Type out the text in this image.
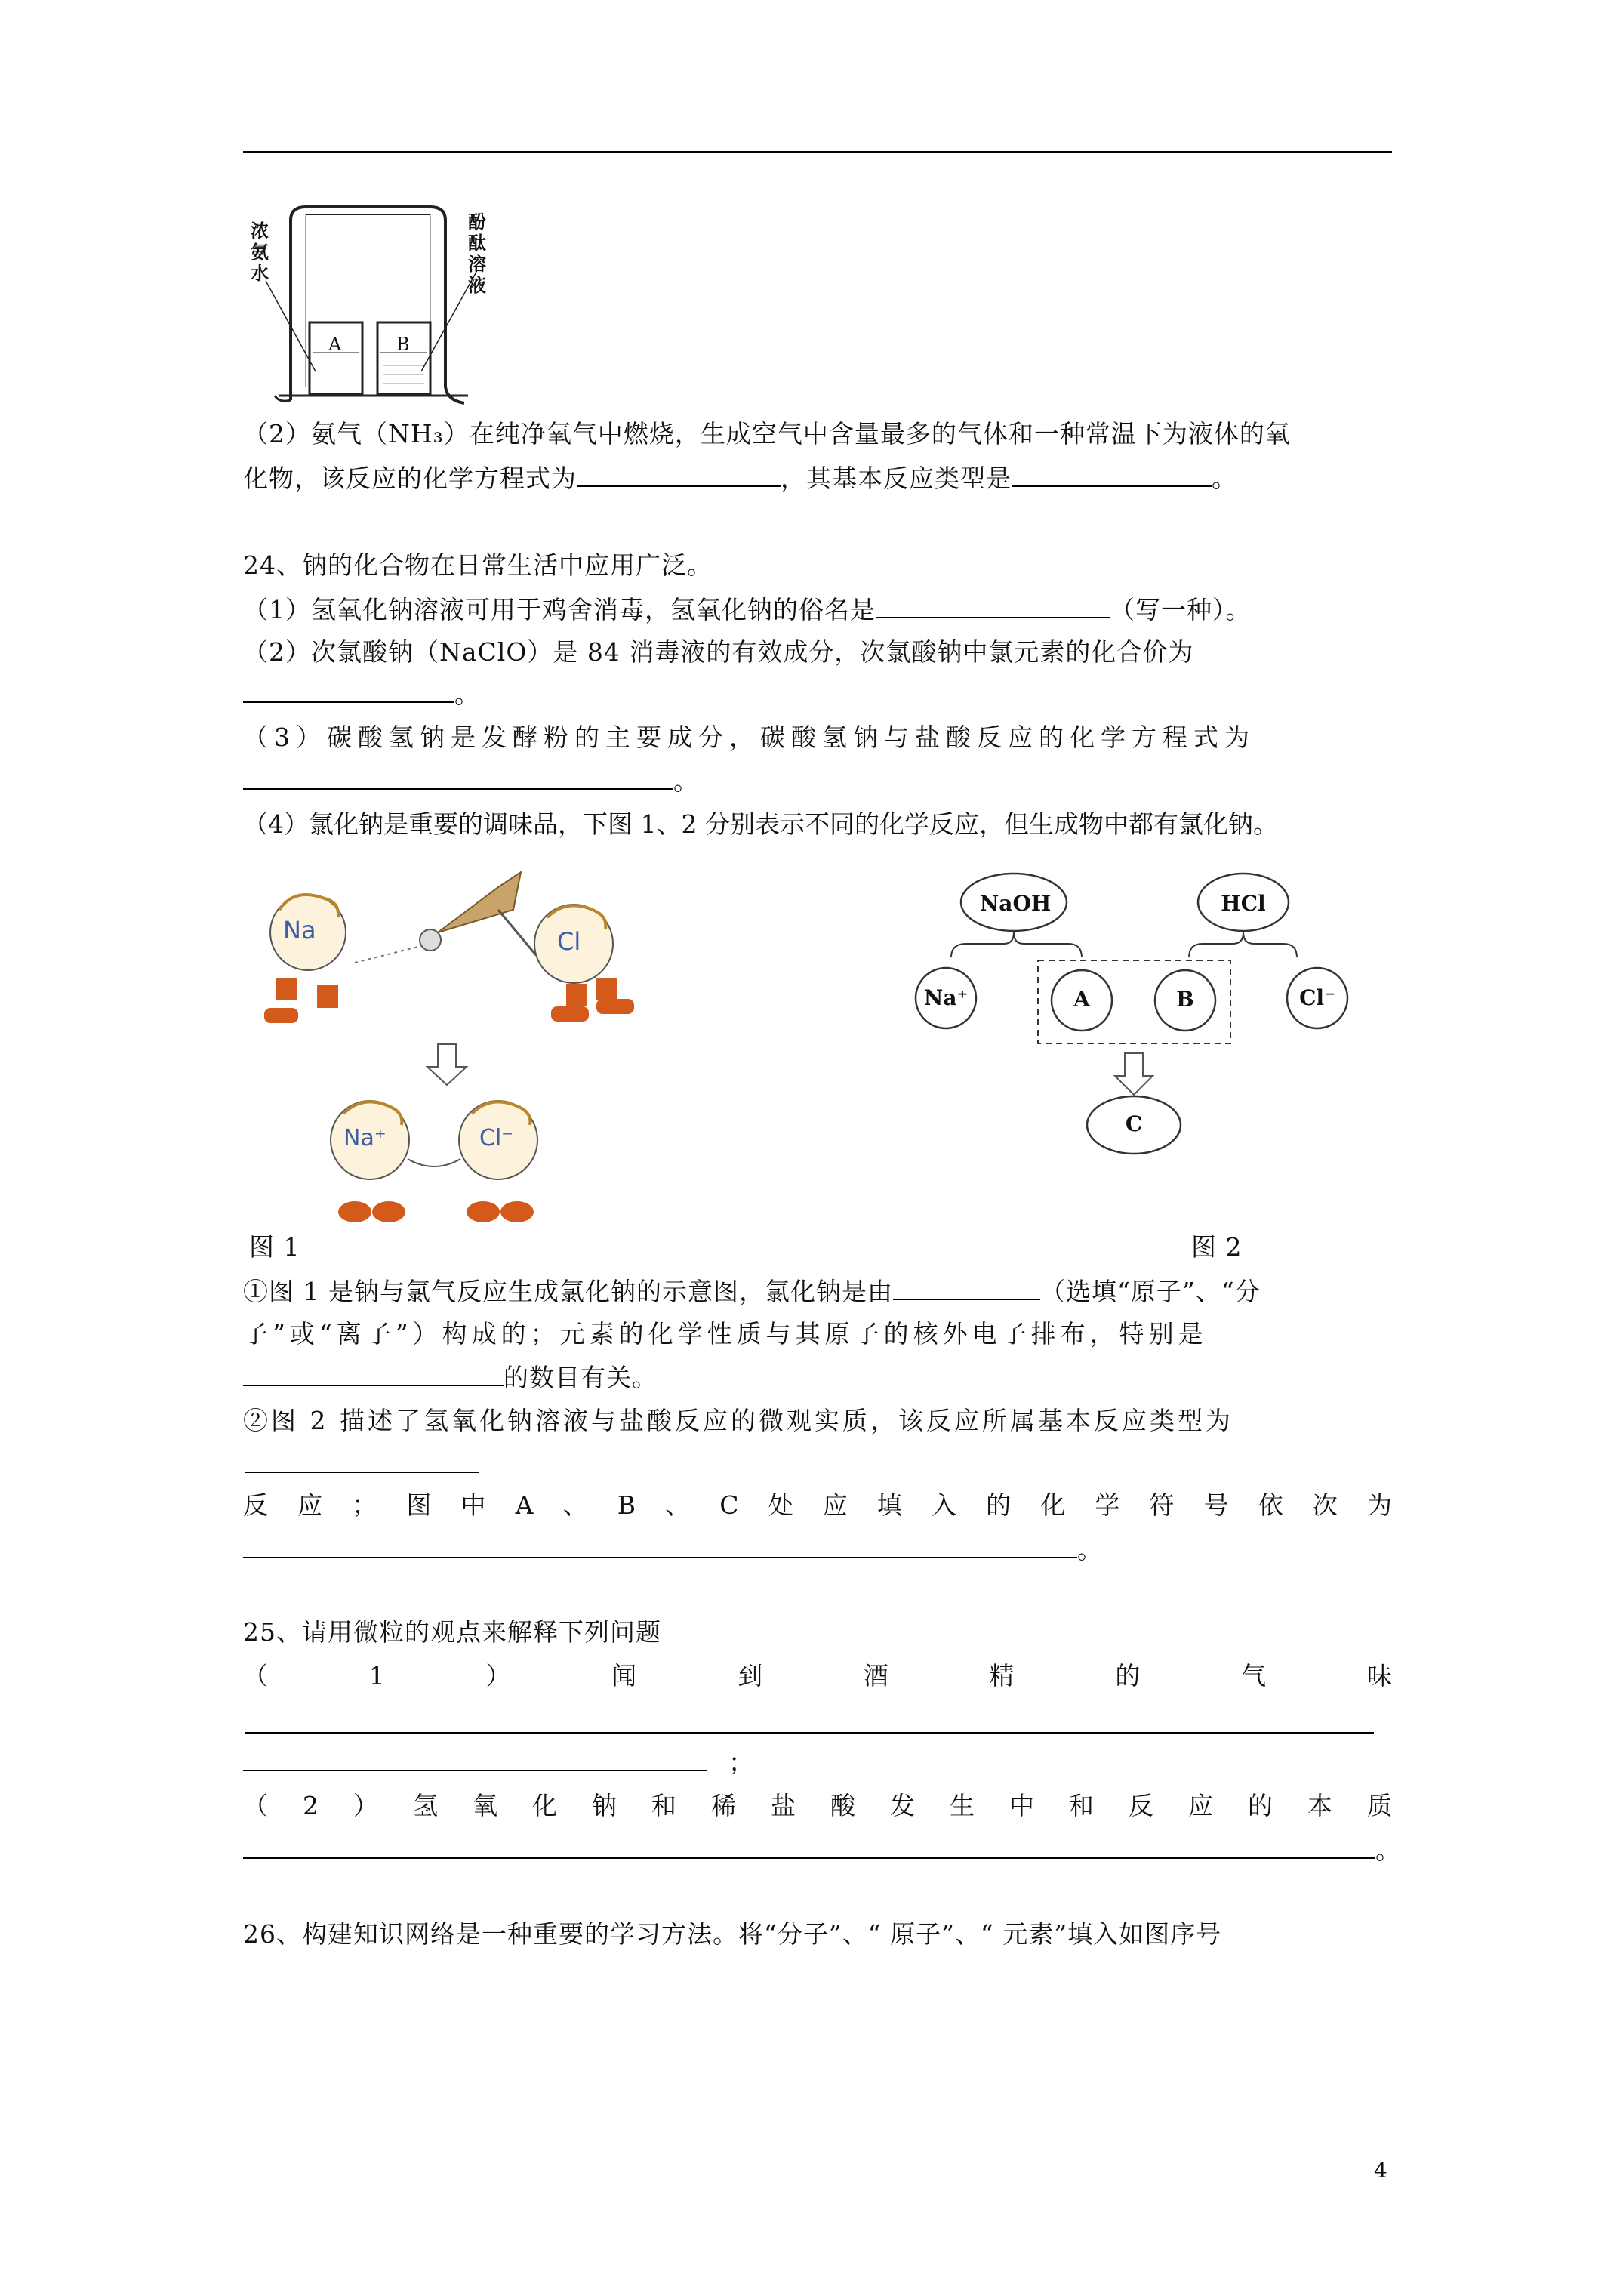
浓氨水
酚酞溶液
A	B
（2）氨气（NH₃）在纯净氧气中燃烧，生成空气中含量最多的气体和一种常温下为液体的氧
化物，该反应的化学方程式为	，其基本反应类型是	。
24、钠的化合物在日常生活中应用广泛。
（1）氢氧化钠溶液可用于鸡舍消毒，氢氧化钠的俗名是	（写一种）。
（2）次氯酸钠（NaClO）是 84 消毒液的有效成分，次氯酸钠中氯元素的化合价为
。
（3）碳酸氢钠是发酵粉的主要成分，碳酸氢钠与盐酸反应的化学方程式为
。
（4）氯化钠是重要的调味品，下图 1、2 分别表示不同的化学反应，但生成物中都有氯化钠。
Na	Cl
Na⁺	Cl⁻
NaOH	HCl
Na⁺	A	B	Cl⁻
C
图 1	图 2
①图 1 是钠与氯气反应生成氯化钠的示意图，氯化钠是由	（选填“原子”、“分
子”或“离子”）构成的；元素的化学性质与其原子的核外电子排布，特别是
的数目有关。
②图 2 描述了氢氧化钠溶液与盐酸反应的微观实质，该反应所属基本反应类型为
反 应 ； 图 中 A 、 B 、 C 处 应 填 入 的 化 学 符 号 依 次 为
。
25、请用微粒的观点来解释下列问题
（	1	）	闻	到	酒	精	的	气	味
；
（ 2 ） 氢 氧 化 钠 和 稀 盐 酸 发 生 中 和 反 应 的 本 质
。
26、构建知识网络是一种重要的学习方法。将“分子”、“ 原子”、“ 元素”填入如图序号
4
